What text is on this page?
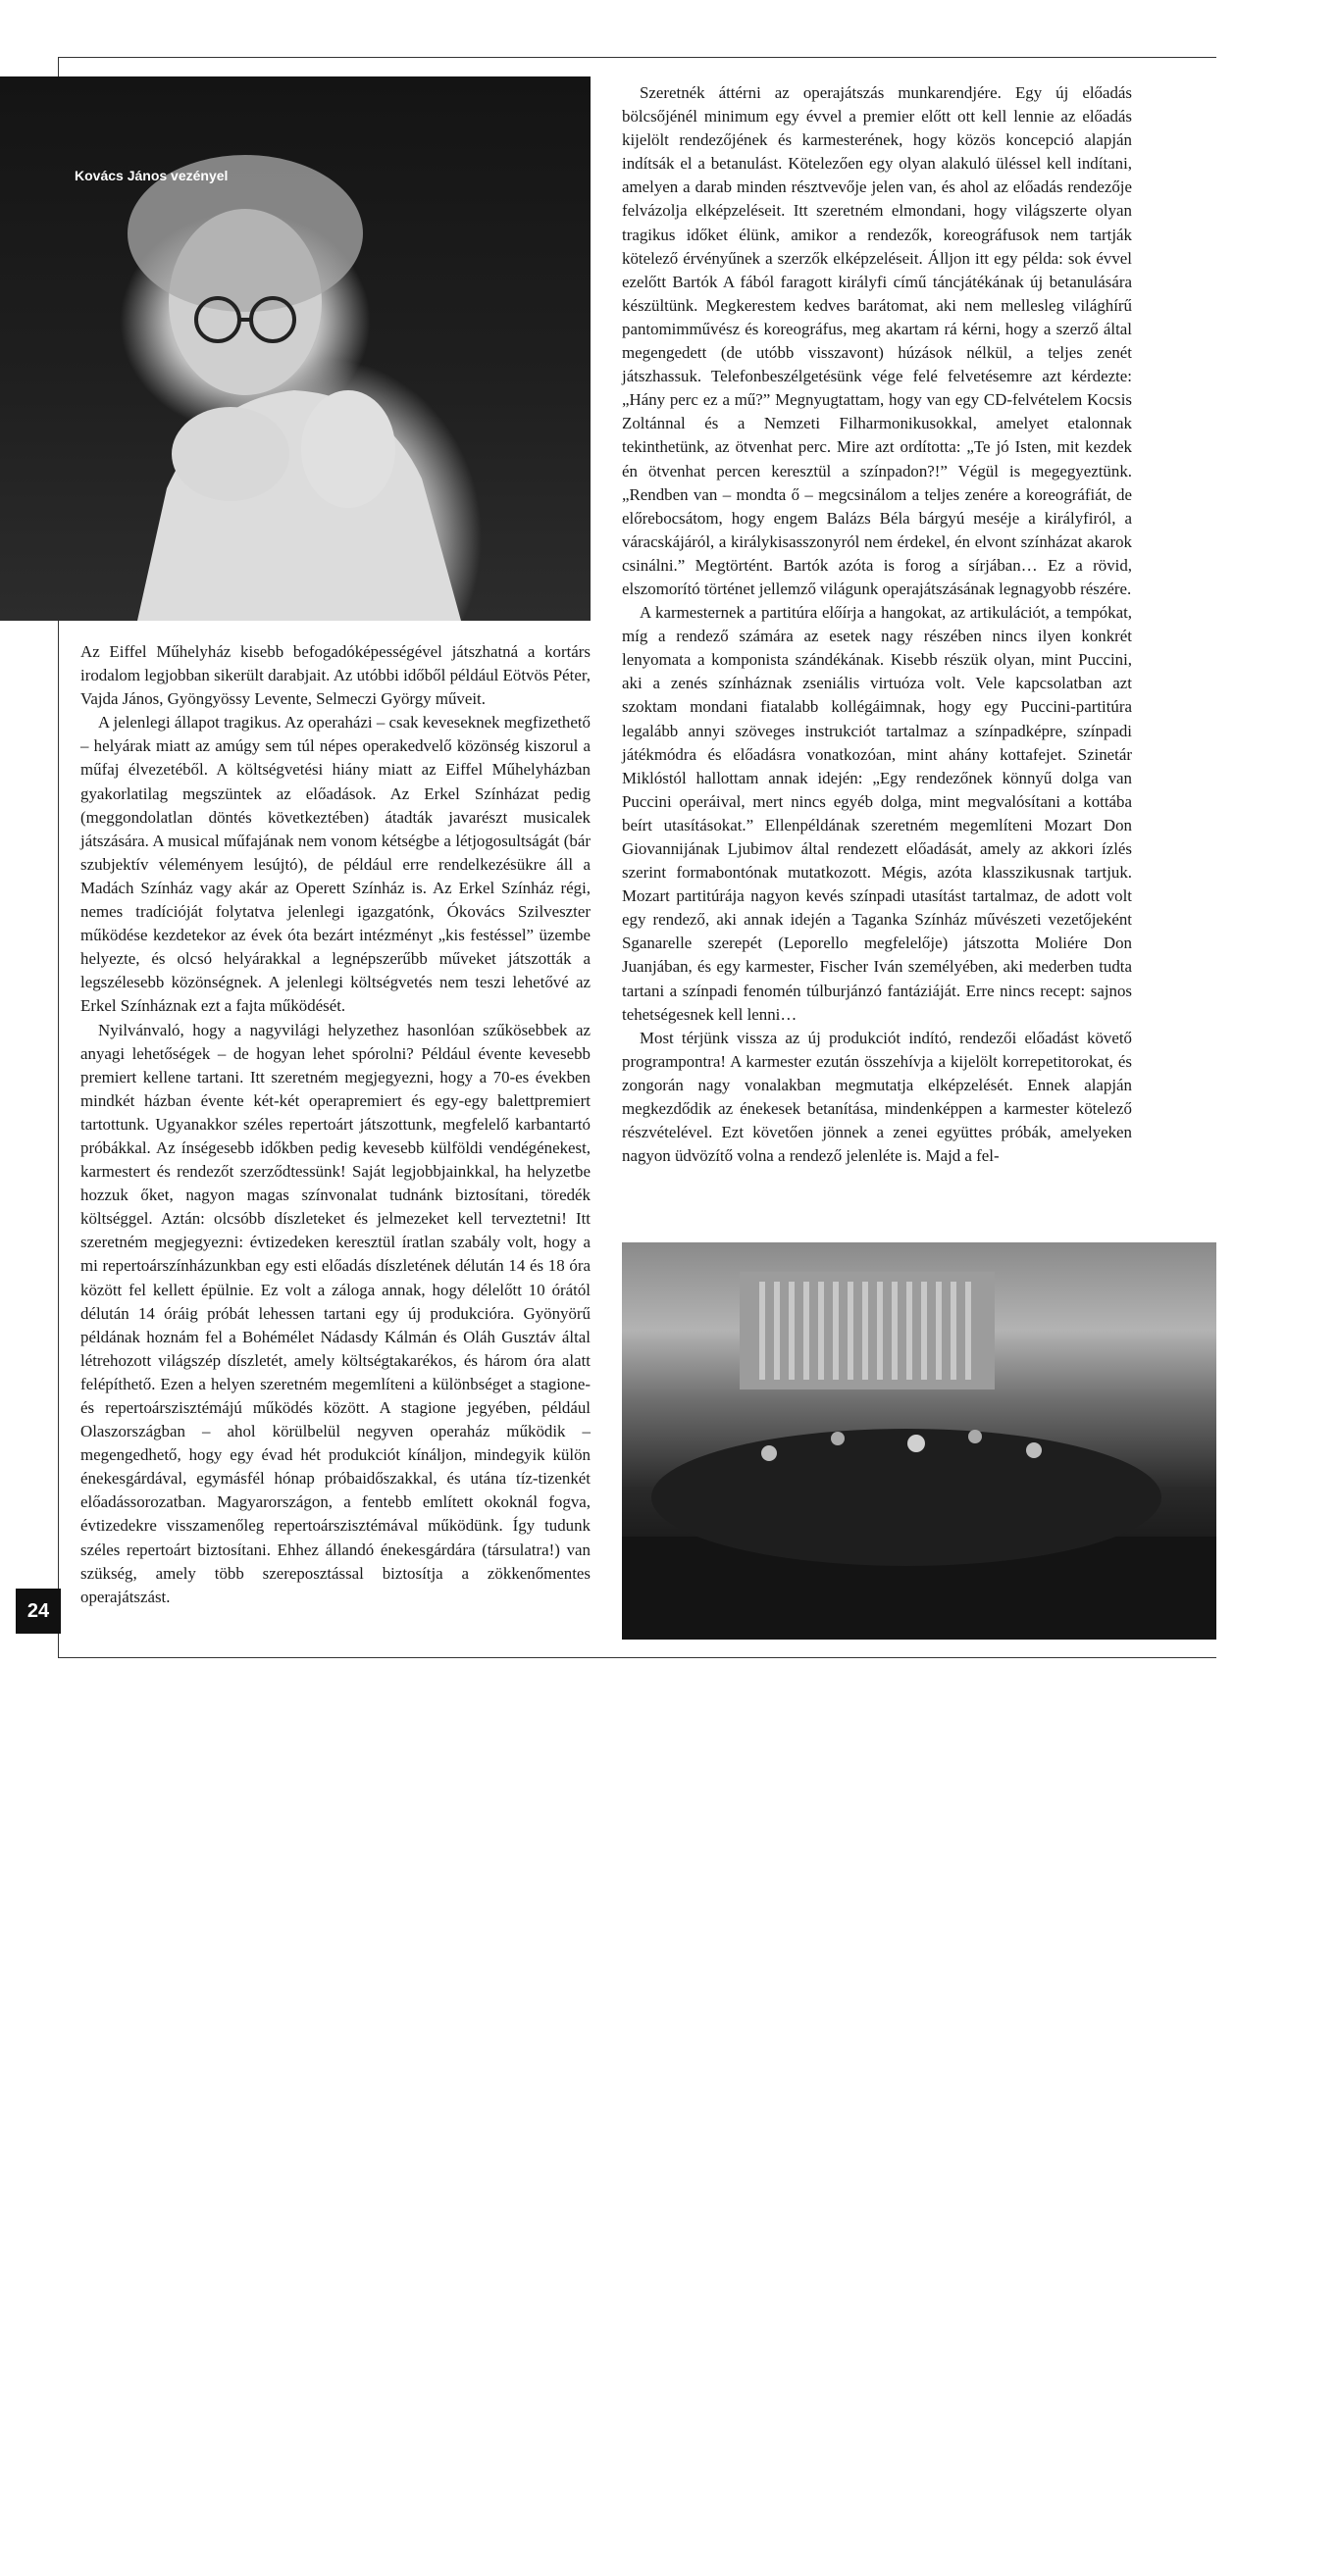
Kovács János vezényel

Az Eiffel Műhelyház kisebb befogadóképességével játszhatná a kortárs irodalom legjobban sikerült darabjait. Az utóbbi időből például Eötvös Péter, Vajda János, Gyöngyössy Levente, Selmeczi György műveit.

A jelenlegi állapot tragikus. Az operaházi – csak keveseknek megfizethető – helyárak miatt az amúgy sem túl népes operakedvelő közönség kiszorul a műfaj élvezetéből. A költségvetési hiány miatt az Eiffel Műhelyházban gyakorlatilag megszüntek az előadások. Az Erkel Színházat pedig (meggondolatlan döntés következtében) átadták javarészt musicalek játszására. A musical műfajának nem vonom kétségbe a létjogosultságát (bár szubjektív véleményem lesújtó), de például erre rendelkezésükre áll a Madách Színház vagy akár az Operett Színház is. Az Erkel Színház régi, nemes tradícióját folytatva jelenlegi igazgatónk, Ókovács Szilveszter működése kezdetekor az évek óta bezárt intézményt „kis festéssel” üzembe helyezte, és olcsó helyárakkal a legnépszerűbb műveket játszották a legszélesebb közönségnek. A jelenlegi költségvetés nem teszi lehetővé az Erkel Színháznak ezt a fajta működését.

Nyilvánvaló, hogy a nagyvilági helyzethez hasonlóan szűkösebbek az anyagi lehetőségek – de hogyan lehet spórolni? Például évente kevesebb premiert kellene tartani. Itt szeretném megjegyezni, hogy a 70-es években mindkét házban évente két-két operapremiert és egy-egy balettpremiert tartottunk. Ugyanakkor széles repertoárt játszottunk, megfelelő karbantartó próbákkal. Az ínségesebb időkben pedig kevesebb külföldi vendégénekest, karmestert és rendezőt szerződtessünk! Saját legjobbjainkkal, ha helyzetbe hozzuk őket, nagyon magas színvonalat tudnánk biztosítani, töredék költséggel. Aztán: olcsóbb díszleteket és jelmezeket kell terveztetni! Itt szeretném megjegyezni: évtizedeken keresztül íratlan szabály volt, hogy a mi repertoárszínházunkban egy esti előadás díszletének délután 14 és 18 óra között fel kellett épülnie. Ez volt a záloga annak, hogy délelőtt 10 órától délután 14 óráig próbát lehessen tartani egy új produkcióra. Gyönyörű példának hoznám fel a Bohémélet Nádasdy Kálmán és Oláh Gusztáv által létrehozott világszép díszletét, amely költségtakarékos, és három óra alatt felépíthető. Ezen a helyen szeretném megemlíteni a különbséget a stagione- és repertoárszisztémájú működés között. A stagione jegyében, például Olaszországban – ahol körülbelül negyven operaház működik – megengedhető, hogy egy évad hét produkciót kínáljon, mindegyik külön énekesgárdával, egymásfél hónap próbaidőszakkal, és utána tíz-tizenkét előadássorozatban. Magyarországon, a fentebb említett okoknál fogva, évtizedekre visszamenőleg repertoárszisztémával működünk. Így tudunk széles repertoárt biztosítani. Ehhez állandó énekesgárdára (társulatra!) van szükség, amely több szereposztással biztosítja a zökkenőmentes operajátszást.

Szeretnék áttérni az operajátszás munkarendjére. Egy új előadás bölcsőjénél minimum egy évvel a premier előtt ott kell lennie az előadás kijelölt rendezőjének és karmesterének, hogy közös koncepció alapján indítsák el a betanulást. Kötelezően egy olyan alakuló üléssel kell indítani, amelyen a darab minden résztvevője jelen van, és ahol az előadás rendezője felvázolja elképzeléseit. Itt szeretném elmondani, hogy világszerte olyan tragikus időket élünk, amikor a rendezők, koreográfusok nem tartják kötelező érvényűnek a szerzők elképzeléseit. Álljon itt egy példa: sok évvel ezelőtt Bartók A fából faragott királyfi című táncjátékának új betanulására készültünk. Megkerestem kedves barátomat, aki nem mellesleg világhírű pantomimművész és koreográfus, meg akartam rá kérni, hogy a szerző által megengedett (de utóbb visszavont) húzások nélkül, a teljes zenét játszhassuk. Telefonbeszélgetésünk vége felé felvetésemre azt kérdezte: „Hány perc ez a mű?” Megnyugtattam, hogy van egy CD-felvételem Kocsis Zoltánnal és a Nemzeti Filharmonikusokkal, amelyet etalonnak tekinthetünk, az ötvenhat perc. Mire azt ordította: „Te jó Isten, mit kezdek én ötvenhat percen keresztül a színpadon?!” Végül is megegyeztünk. „Rendben van – mondta ő – megcsinálom a teljes zenére a koreográfiát, de előrebocsátom, hogy engem Balázs Béla bárgyú meséje a királyfiról, a váracskájáról, a királykisasszonyról nem érdekel, én elvont színházat akarok csinálni.” Megtörtént. Bartók azóta is forog a sírjában… Ez a rövid, elszomorító történet jellemző világunk operajátszásának legnagyobb részére.

A karmesternek a partitúra előírja a hangokat, az artikulációt, a tempókat, míg a rendező számára az esetek nagy részében nincs ilyen konkrét lenyomata a komponista szándékának. Kisebb részük olyan, mint Puccini, aki a zenés színháznak zseniális virtuóza volt. Vele kapcsolatban azt szoktam mondani fiatalabb kollégáimnak, hogy egy Puccini-partitúra legalább annyi szöveges instrukciót tartalmaz a színpadképre, színpadi játékmódra és előadásra vonatkozóan, mint ahány kottafejet. Szinetár Miklóstól hallottam annak idején: „Egy rendezőnek könnyű dolga van Puccini operáival, mert nincs egyéb dolga, mint megvalósítani a kottába beírt utasításokat.” Ellenpéldának szeretném megemlíteni Mozart Don Giovannijának Ljubimov által rendezett előadását, amely az akkori ízlés szerint formabontónak mutatkozott. Mégis, azóta klasszikusnak tartjuk. Mozart partitúrája nagyon kevés színpadi utasítást tartalmaz, de adott volt egy rendező, aki annak idején a Taganka Színház művészeti vezetőjeként Sganarelle szerepét (Leporello megfelelője) játszotta Moliére Don Juanjában, és egy karmester, Fischer Iván személyében, aki mederben tudta tartani a színpadi fenomén túlburjánzó fantáziáját. Erre nincs recept: sajnos tehetségesnek kell lenni…

Most térjünk vissza az új produkciót indító, rendezői előadást követő programpontra! A karmester ezután összehívja a kijelölt korrepetitorokat, és zongorán nagy vonalakban megmutatja elképzelését. Ennek alapján megkezdődik az énekesek betanítása, mindenképpen a karmester kötelező részvételével. Ezt követően jönnek a zenei együttes próbák, amelyeken nagyon üdvözítő volna a rendező jelenléte is. Majd a fel-

Kovács János a Savaria Szimfonikus Zenekarral
24
